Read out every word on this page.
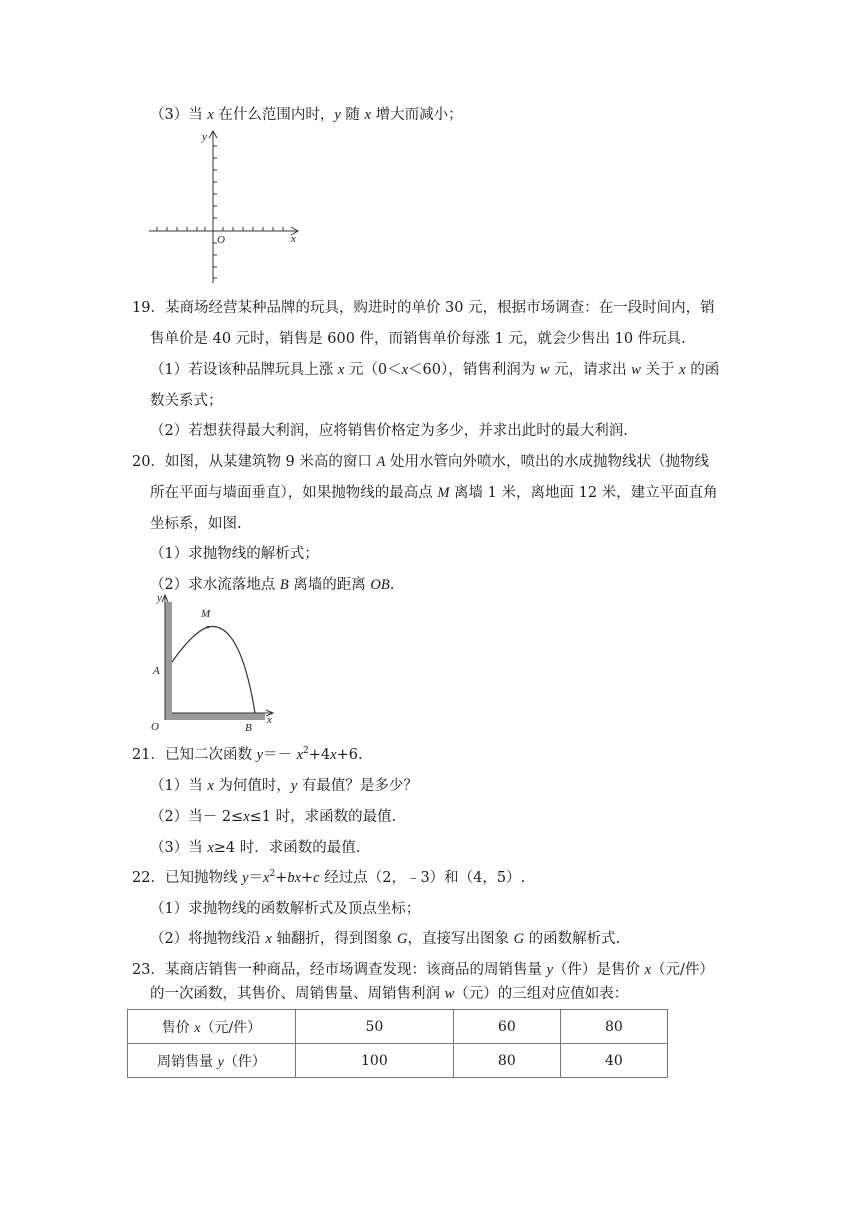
（3）当 x 在什么范围内时，y 随 x 增大而减小；
y
x
O
19．某商场经营某种品牌的玩具，购进时的单价 30 元，根据市场调查：在一段时间内，销
售单价是 40 元时，销售是 600 件，而销售单价每涨 1 元，就会少售出 10 件玩具.
（1）若设该种品牌玩具上涨 x 元（0＜x＜60），销售利润为 w 元，请求出 w 关于 x 的函
数关系式；
（2）若想获得最大利润，应将销售价格定为多少，并求出此时的最大利润.
20．如图，从某建筑物 9 米高的窗口 A 处用水管向外喷水，喷出的水成抛物线状（抛物线
所在平面与墙面垂直），如果抛物线的最高点 M 离墙 1 米，离地面 12 米，建立平面直角
坐标系，如图.
（1）求抛物线的解析式；
（2）求水流落地点 B 离墙的距离 OB.
y
M
A
O	B
x
21．已知二次函数 $y=- x^2+4x+6$.
（1）当 x 为何值时，y 有最值？是多少？
（2）当－ 2≤x≤1 时，求函数的最值.
（3）当 x≥4 时．求函数的最值.
22．已知抛物线 $y=x^2+bx+c$ 经过点（2，﹣3）和（4，5）.
（1）求抛物线的函数解析式及顶点坐标；
（2）将抛物线沿 x 轴翻折，得到图象 G，直接写出图象 G 的函数解析式.
23．某商店销售一种商品，经市场调查发现：该商品的周销售量 y（件）是售价 x（元/件）
的一次函数，其售价、周销售量、周销售利润 w（元）的三组对应值如表：
售价 x（元/件）	50	60	80
周销售量 y（件）	100	80	40
